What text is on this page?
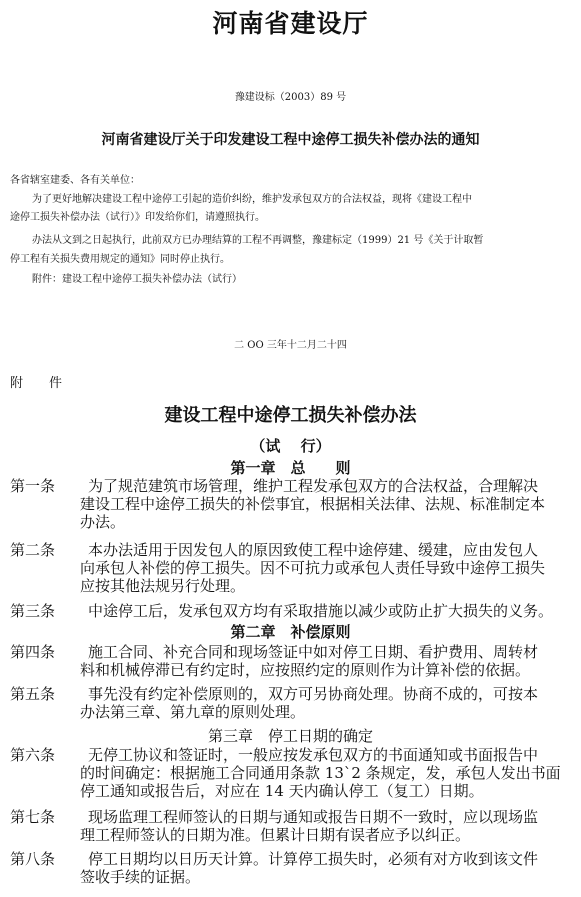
河南省建设厅
豫建设标（2003）89 号
河南省建设厅关于印发建设工程中途停工损失补偿办法的通知
各省辖室建委、各有关单位：
为了更好地解决建设工程中途停工引起的造价纠纷，维护发承包双方的合法权益，现将《建设工程中
途停工损失补偿办法（试行）》印发给你们，请遵照执行。
办法从文到之日起执行，此前双方已办理结算的工程不再调整，豫建标定（1999）21 号《关于计取暂
停工程有关损失费用规定的通知》同时停止执行。
附件：建设工程中途停工损失补偿办法（试行）
二 OO 三年十二月二十四
附　　件
建设工程中途停工损失补偿办法
（试　 行）
第一章　总　　则
第一条	为了规范建筑市场管理，维护工程发承包双方的合法权益，合理解决
建设工程中途停工损失的补偿事宜，根据相关法律、法规、标准制定本
办法。
第二条	本办法适用于因发包人的原因致使工程中途停建、缓建，应由发包人
向承包人补偿的停工损失。因不可抗力或承包人责任导致中途停工损失
应按其他法规另行处理。
第三条	中途停工后，发承包双方均有采取措施以减少或防止扩大损失的义务。
第二章　补偿原则
第四条	施工合同、补充合同和现场签证中如对停工日期、看护费用、周转材
料和机械停滞已有约定时，应按照约定的原则作为计算补偿的依据。
第五条	事先没有约定补偿原则的，双方可另协商处理。协商不成的，可按本
办法第三章、第九章的原则处理。
第三章　停工日期的确定
第六条	无停工协议和签证时，一般应按发承包双方的书面通知或书面报告中
的时间确定：根据施工合同通用条款 13`2 条规定，发，承包人发出书面
停工通知或报告后，对应在 14 天内确认停工（复工）日期。
第七条	现场监理工程师签认的日期与通知或报告日期不一致时，应以现场监
理工程师签认的日期为准。但累计日期有误者应予以纠正。
第八条	停工日期均以日历天计算。计算停工损失时，必须有对方收到该文件
签收手续的证据。
